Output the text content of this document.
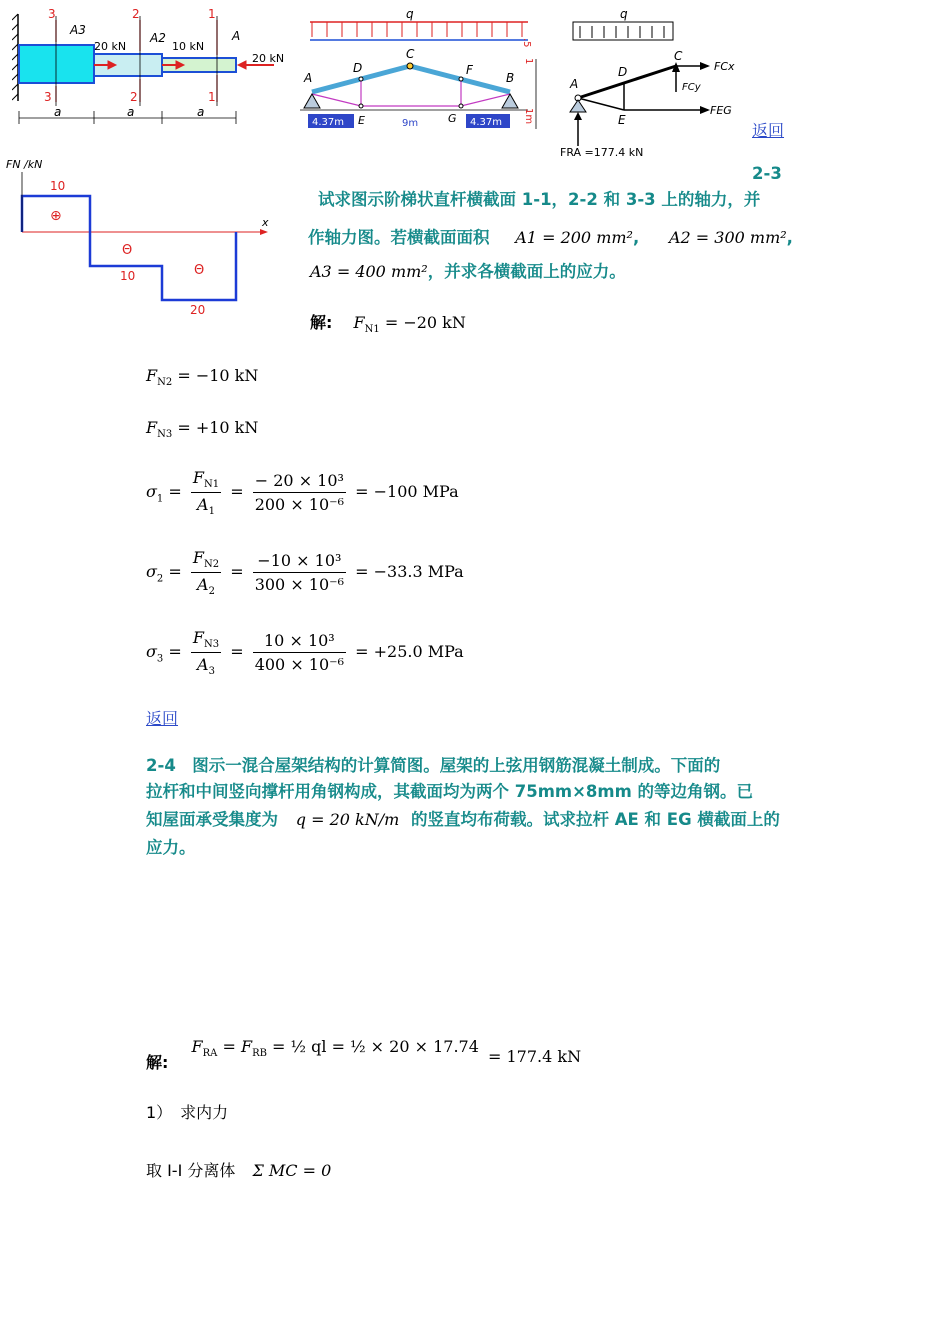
3	2	1
3	2	1
A3
A2	A
20 kN	10 kN
20 kN
a	a	a
q
A	B
C
D	F
E	G
4.37m	9m	4.37m
.5
1
1m
q
A
C
D
E
FCx
FCy
FEG
FRA =177.4 kN
返回
FN /kN
x
10
10
20
⊕
Θ
Θ
2-3
试求图示阶梯状直杆横截面 1-1，2-2 和 3-3 上的轴力，并
作轴力图。若横截面面积 A1 = 200 mm², A2 = 300 mm²,
A3 = 400 mm²，并求各横截面上的应力。
解: $F_{N1} = -20$ kN
$F_{N2} = -10$ kN
$F_{N3} = +10$ kN
$\sigma_1 = \frac{F_{N1}}{A_1} = \frac{\text{− 20 × 10³}}{\text{200 × 10⁻⁶}} = -100$ MPa
$\sigma_2 = \frac{F_{N2}}{A_2} = \frac{\text{−10 × 10³}}{\text{300 × 10⁻⁶}} = -33.3$ MPa
$\sigma_3 = \frac{F_{N3}}{A_3} = \frac{\text{10 × 10³}}{\text{400 × 10⁻⁶}} = +25.0$ MPa
返回
2-4　图示一混合屋架结构的计算简图。屋架的上弦用钢筋混凝土制成。下面的
拉杆和中间竖向撑杆用角钢构成，其截面均为两个 75mm×8mm 的等边角钢。已
知屋面承受集度为 q = 20 kN/m 的竖直均布荷载。试求拉杆 AE 和 EG 横截面上的
应力。
解: $F_{RA} = F_{RB}$ = ½ ql = ½ × 20 × 17.74 = 177.4 kN
1）　求内力
取 I-I 分离体 Σ MC = 0
